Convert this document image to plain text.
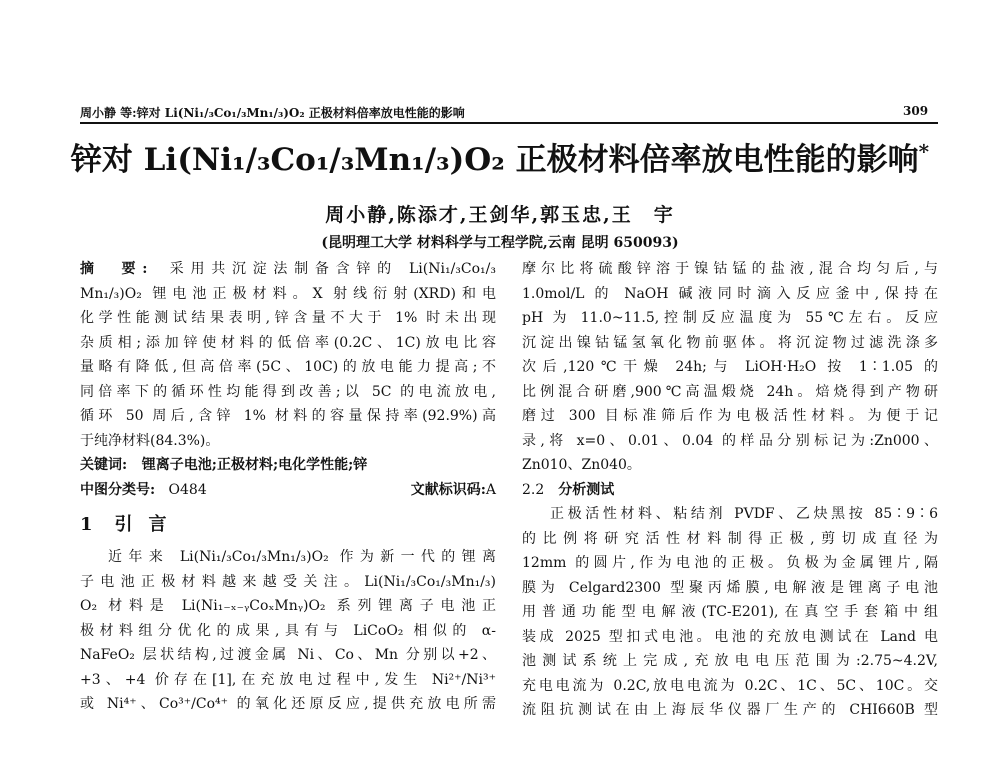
周小静 等:锌对 Li(Ni₁/₃Co₁/₃Mn₁/₃)O₂ 正极材料倍率放电性能的影响	309
锌对 Li(Ni₁/₃Co₁/₃Mn₁/₃)O₂ 正极材料倍率放电性能的影响*
周小静,陈添才,王剑华,郭玉忠,王　宇
(昆明理工大学 材料科学与工程学院,云南 昆明 650093)
摘　要: 采用共沉淀法制备含锌的 Li(Ni₁/₃Co₁/₃
Mn₁/₃)O₂ 锂电池正极材料。X 射线衍射(XRD)和电
化学性能测试结果表明,锌含量不大于 1% 时未出现
杂质相;添加锌使材料的低倍率(0.2C、1C)放电比容
量略有降低,但高倍率(5C、10C)的放电能力提高;不
同倍率下的循环性均能得到改善;以 5C 的电流放电,
循环 50 周后,含锌 1% 材料的容量保持率(92.9%)高
于纯净材料(84.3%)。
关键词: 锂离子电池;正极材料;电化学性能;锌
中图分类号: O484	文献标识码:A
1 引言
近年来 Li(Ni₁/₃Co₁/₃Mn₁/₃)O₂ 作为新一代的锂离
子电池正极材料越来越受关注。Li(Ni₁/₃Co₁/₃Mn₁/₃)
O₂ 材料是 Li(Ni₁₋ₓ₋ᵧCoₓMnᵧ)O₂ 系列锂离子电池正
极材料组分优化的成果,具有与 LiCoO₂ 相似的 α-
NaFeO₂ 层状结构,过渡金属 Ni、Co、Mn 分别以+2、
+3、+4 价存在[1],在充放电过程中,发生 Ni²⁺/Ni³⁺
或 Ni⁴⁺、Co³⁺/Co⁴⁺ 的氧化还原反应,提供充放电所需
摩尔比将硫酸锌溶于镍钴锰的盐液,混合均匀后,与
1.0mol/L 的 NaOH 碱液同时滴入反应釜中,保持在
pH 为 11.0~11.5,控制反应温度为 55℃左右。反应
沉淀出镍钴锰氢氧化物前驱体。将沉淀物过滤洗涤多
次后,120℃干燥 24h;与 LiOH·H₂O 按 1∶1.05 的
比例混合研磨,900℃高温煅烧 24h。焙烧得到产物研
磨过 300 目标准筛后作为电极活性材料。为便于记
录,将 x=0、0.01、0.04 的样品分别标记为:Zn000、
Zn010、Zn040。
2.2 分析测试
正极活性材料、粘结剂 PVDF、乙炔黑按 85∶9∶6
的比例将研究活性材料制得正极,剪切成直径为
12mm 的圆片,作为电池的正极。负极为金属锂片,隔
膜为 Celgard2300 型聚丙烯膜,电解液是锂离子电池
用普通功能型电解液(TC-E201),在真空手套箱中组
装成 2025 型扣式电池。电池的充放电测试在 Land 电
池测试系统上完成,充放电电压范围为:2.75~4.2V,
充电电流为 0.2C,放电电流为 0.2C、1C、5C、10C。交
流阻抗测试在由上海辰华仪器厂生产的 CHI660B 型
